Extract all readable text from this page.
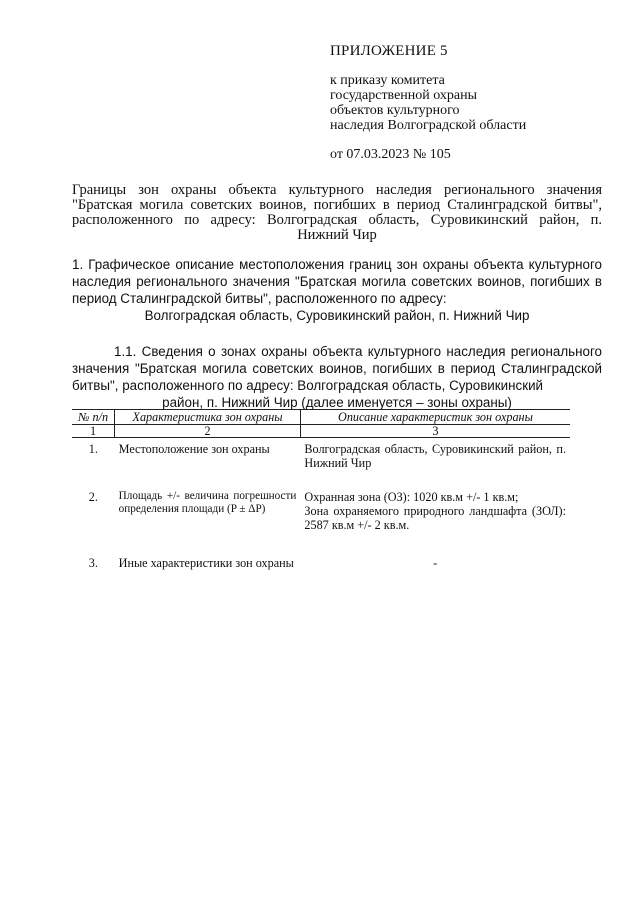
ПРИЛОЖЕНИЕ 5
к приказу комитета
государственной охраны
объектов культурного
наследия Волгоградской области
от 07.03.2023 № 105
Границы зон охраны объекта культурного наследия регионального значения "Братская могила советских воинов, погибших в период Сталинградской битвы", расположенного по адресу: Волгоградская область, Суровикинский район, п. Нижний Чир
1. Графическое описание местоположения границ зон охраны объекта культурного наследия регионального значения "Братская могила советских воинов, погибших в период Сталинградской битвы", расположенного по адресу:
Волгоградская область, Суровикинский район, п. Нижний Чир
1.1. Сведения о зонах охраны объекта культурного наследия регионального значения "Братская могила советских воинов, погибших в период Сталинградской битвы", расположенного по адресу: Волгоградская область, Суровикинский
район, п. Нижний Чир (далее именуется – зоны охраны)
№ п/п	Характеристика зон охраны	Описание характеристик зон охраны
1	2	3
1.	Местоположение зон охраны	Волгоградская область, Суровикинский район, п. Нижний Чир
2.	Площадь +/- величина погрешности определения площади (P ± ΔP)	Охранная зона (ОЗ): 1020 кв.м +/- 1 кв.м;
Зона охраняемого природного ландшафта (ЗОЛ): 2587 кв.м +/- 2 кв.м.

3.	Иные характеристики зон охраны	-
